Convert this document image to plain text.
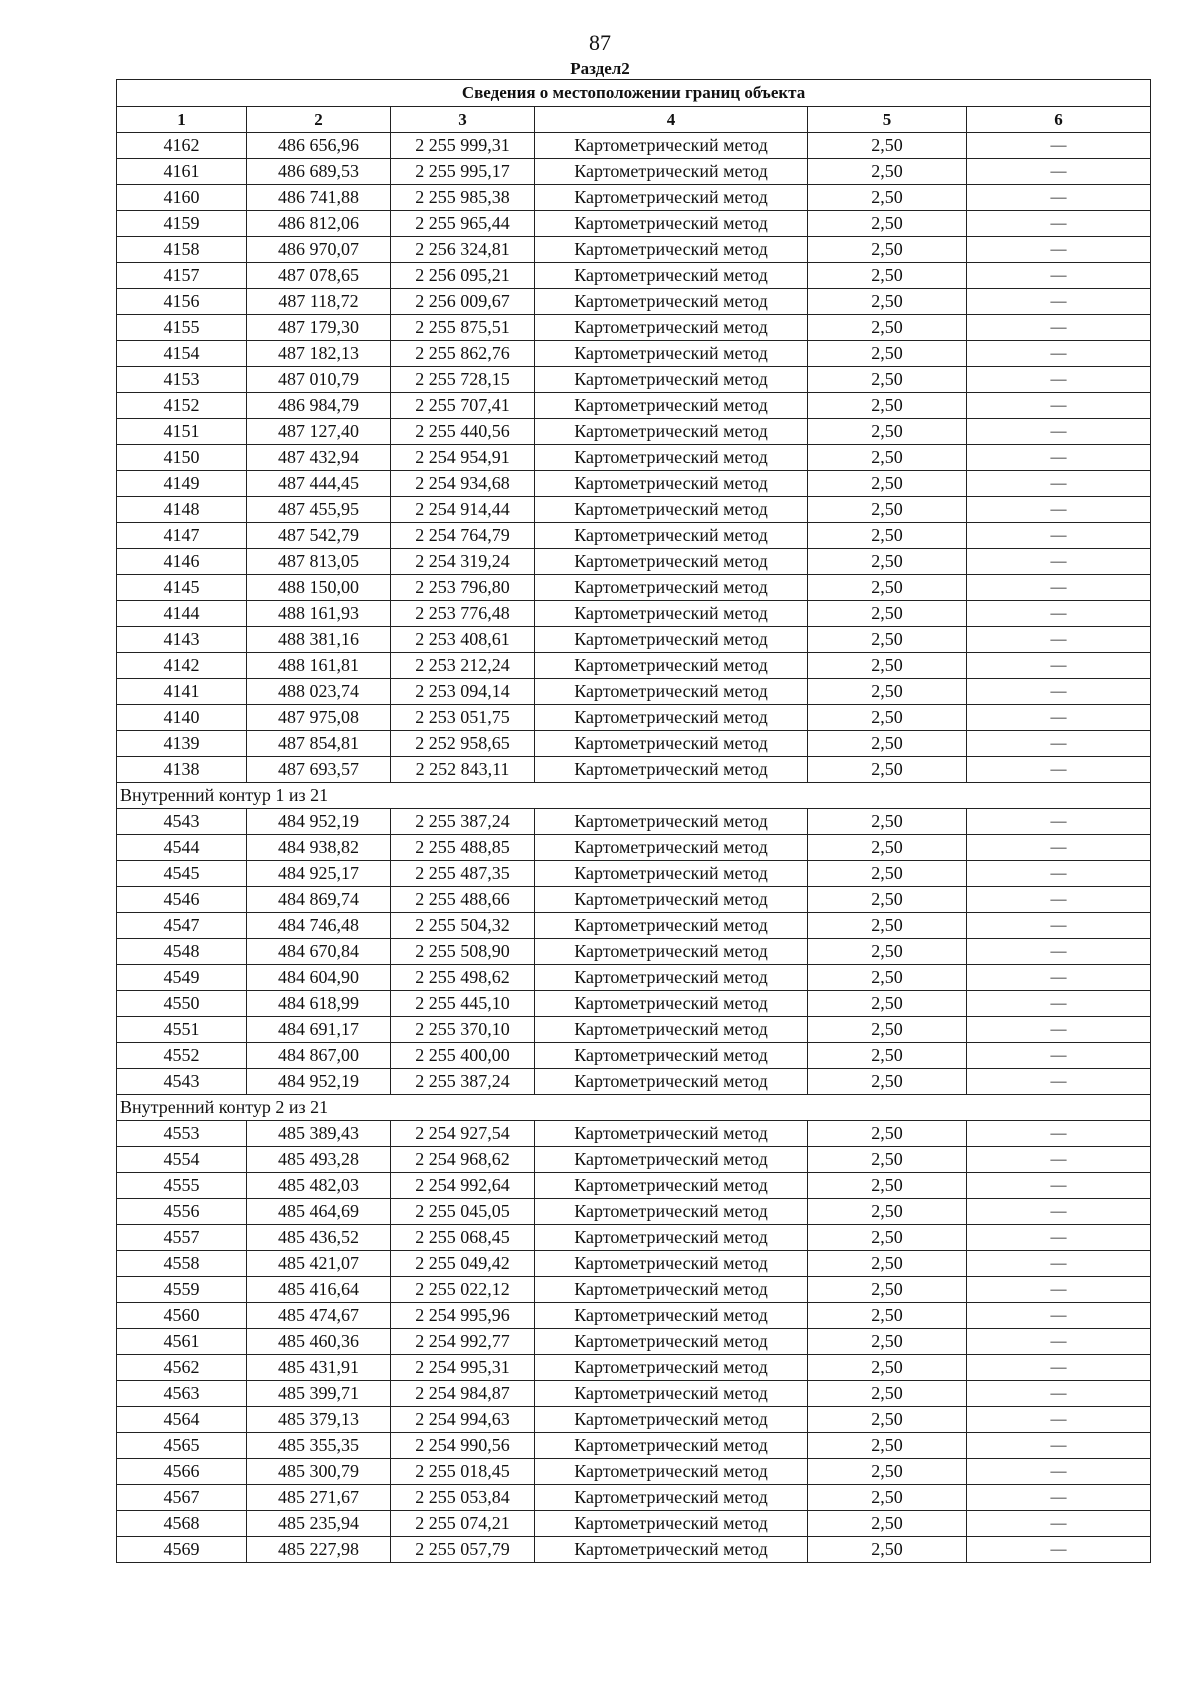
87
Раздел2
Сведения о местоположении границ объекта					
1	2	3	4	5	6
4162	486 656,96	2 255 999,31	Картометрический метод	2,50	—
4161	486 689,53	2 255 995,17	Картометрический метод	2,50	—
4160	486 741,88	2 255 985,38	Картометрический метод	2,50	—
4159	486 812,06	2 255 965,44	Картометрический метод	2,50	—
4158	486 970,07	2 256 324,81	Картометрический метод	2,50	—
4157	487 078,65	2 256 095,21	Картометрический метод	2,50	—
4156	487 118,72	2 256 009,67	Картометрический метод	2,50	—
4155	487 179,30	2 255 875,51	Картометрический метод	2,50	—
4154	487 182,13	2 255 862,76	Картометрический метод	2,50	—
4153	487 010,79	2 255 728,15	Картометрический метод	2,50	—
4152	486 984,79	2 255 707,41	Картометрический метод	2,50	—
4151	487 127,40	2 255 440,56	Картометрический метод	2,50	—
4150	487 432,94	2 254 954,91	Картометрический метод	2,50	—
4149	487 444,45	2 254 934,68	Картометрический метод	2,50	—
4148	487 455,95	2 254 914,44	Картометрический метод	2,50	—
4147	487 542,79	2 254 764,79	Картометрический метод	2,50	—
4146	487 813,05	2 254 319,24	Картометрический метод	2,50	—
4145	488 150,00	2 253 796,80	Картометрический метод	2,50	—
4144	488 161,93	2 253 776,48	Картометрический метод	2,50	—
4143	488 381,16	2 253 408,61	Картометрический метод	2,50	—
4142	488 161,81	2 253 212,24	Картометрический метод	2,50	—
4141	488 023,74	2 253 094,14	Картометрический метод	2,50	—
4140	487 975,08	2 253 051,75	Картометрический метод	2,50	—
4139	487 854,81	2 252 958,65	Картометрический метод	2,50	—
4138	487 693,57	2 252 843,11	Картометрический метод	2,50	—
Внутренний контур 1 из 21					
4543	484 952,19	2 255 387,24	Картометрический метод	2,50	—
4544	484 938,82	2 255 488,85	Картометрический метод	2,50	—
4545	484 925,17	2 255 487,35	Картометрический метод	2,50	—
4546	484 869,74	2 255 488,66	Картометрический метод	2,50	—
4547	484 746,48	2 255 504,32	Картометрический метод	2,50	—
4548	484 670,84	2 255 508,90	Картометрический метод	2,50	—
4549	484 604,90	2 255 498,62	Картометрический метод	2,50	—
4550	484 618,99	2 255 445,10	Картометрический метод	2,50	—
4551	484 691,17	2 255 370,10	Картометрический метод	2,50	—
4552	484 867,00	2 255 400,00	Картометрический метод	2,50	—
4543	484 952,19	2 255 387,24	Картометрический метод	2,50	—
Внутренний контур 2 из 21					
4553	485 389,43	2 254 927,54	Картометрический метод	2,50	—
4554	485 493,28	2 254 968,62	Картометрический метод	2,50	—
4555	485 482,03	2 254 992,64	Картометрический метод	2,50	—
4556	485 464,69	2 255 045,05	Картометрический метод	2,50	—
4557	485 436,52	2 255 068,45	Картометрический метод	2,50	—
4558	485 421,07	2 255 049,42	Картометрический метод	2,50	—
4559	485 416,64	2 255 022,12	Картометрический метод	2,50	—
4560	485 474,67	2 254 995,96	Картометрический метод	2,50	—
4561	485 460,36	2 254 992,77	Картометрический метод	2,50	—
4562	485 431,91	2 254 995,31	Картометрический метод	2,50	—
4563	485 399,71	2 254 984,87	Картометрический метод	2,50	—
4564	485 379,13	2 254 994,63	Картометрический метод	2,50	—
4565	485 355,35	2 254 990,56	Картометрический метод	2,50	—
4566	485 300,79	2 255 018,45	Картометрический метод	2,50	—
4567	485 271,67	2 255 053,84	Картометрический метод	2,50	—
4568	485 235,94	2 255 074,21	Картометрический метод	2,50	—
4569	485 227,98	2 255 057,79	Картометрический метод	2,50	—
